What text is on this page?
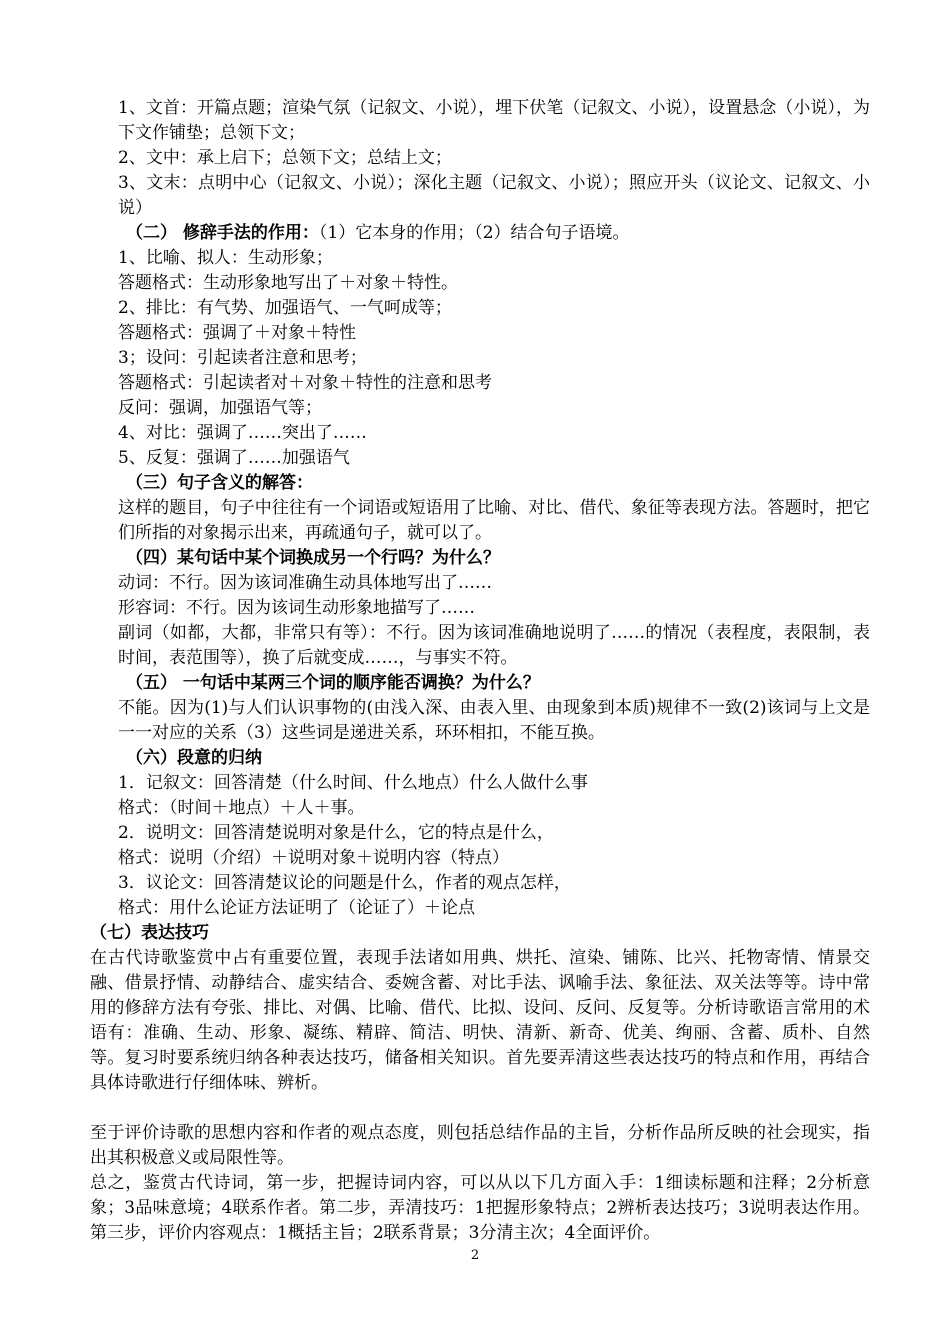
1、文首：开篇点题；渲染气氛（记叙文、小说），埋下伏笔（记叙文、小说），设置悬念（小说），为下文作铺垫；总领下文；
2、文中：承上启下；总领下文；总结上文；
3、文末：点明中心（记叙文、小说）；深化主题（记叙文、小说）；照应开头（议论文、记叙文、小说）
（二） 修辞手法的作用：（1）它本身的作用；（2）结合句子语境。
1、比喻、拟人：生动形象；
答题格式：生动形象地写出了＋对象＋特性。
2、排比：有气势、加强语气、一气呵成等；
答题格式：强调了＋对象＋特性
3；设问：引起读者注意和思考；
答题格式：引起读者对＋对象＋特性的注意和思考
反问：强调，加强语气等；
4、对比：强调了……突出了……
5、反复：强调了……加强语气
（三）句子含义的解答：
这样的题目，句子中往往有一个词语或短语用了比喻、对比、借代、象征等表现方法。答题时，把它们所指的对象揭示出来，再疏通句子，就可以了。
（四）某句话中某个词换成另一个行吗？为什么？
动词：不行。因为该词准确生动具体地写出了……
形容词：不行。因为该词生动形象地描写了……
副词（如都，大都，非常只有等）：不行。因为该词准确地说明了……的情况（表程度，表限制，表时间，表范围等），换了后就变成……，与事实不符。
（五） 一句话中某两三个词的顺序能否调换？为什么？
不能。因为(1)与人们认识事物的(由浅入深、由表入里、由现象到本质)规律不一致(2)该词与上文是一一对应的关系（3）这些词是递进关系，环环相扣，不能互换。
（六）段意的归纳
1．记叙文：回答清楚（什么时间、什么地点）什么人做什么事
格式：（时间＋地点）＋人＋事。
2．说明文：回答清楚说明对象是什么，它的特点是什么，
格式：说明（介绍）＋说明对象＋说明内容（特点）
3．议论文：回答清楚议论的问题是什么，作者的观点怎样，
格式：用什么论证方法证明了（论证了）＋论点
（七）表达技巧
在古代诗歌鉴赏中占有重要位置，表现手法诸如用典、烘托、渲染、铺陈、比兴、托物寄情、情景交融、借景抒情、动静结合、虚实结合、委婉含蓄、对比手法、讽喻手法、象征法、双关法等等。诗中常用的修辞方法有夸张、排比、对偶、比喻、借代、比拟、设问、反问、反复等。分析诗歌语言常用的术语有：准确、生动、形象、凝练、精辟、简洁、明快、清新、新奇、优美、绚丽、含蓄、质朴、自然等。复习时要系统归纳各种表达技巧，储备相关知识。首先要弄清这些表达技巧的特点和作用，再结合具体诗歌进行仔细体味、辨析。
至于评价诗歌的思想内容和作者的观点态度，则包括总结作品的主旨，分析作品所反映的社会现实，指出其积极意义或局限性等。
总之，鉴赏古代诗词，第一步，把握诗词内容，可以从以下几方面入手：1细读标题和注释；2分析意象；3品味意境；4联系作者。第二步，弄清技巧：1把握形象特点；2辨析表达技巧；3说明表达作用。第三步，评价内容观点：1概括主旨；2联系背景；3分清主次；4全面评价。
2
